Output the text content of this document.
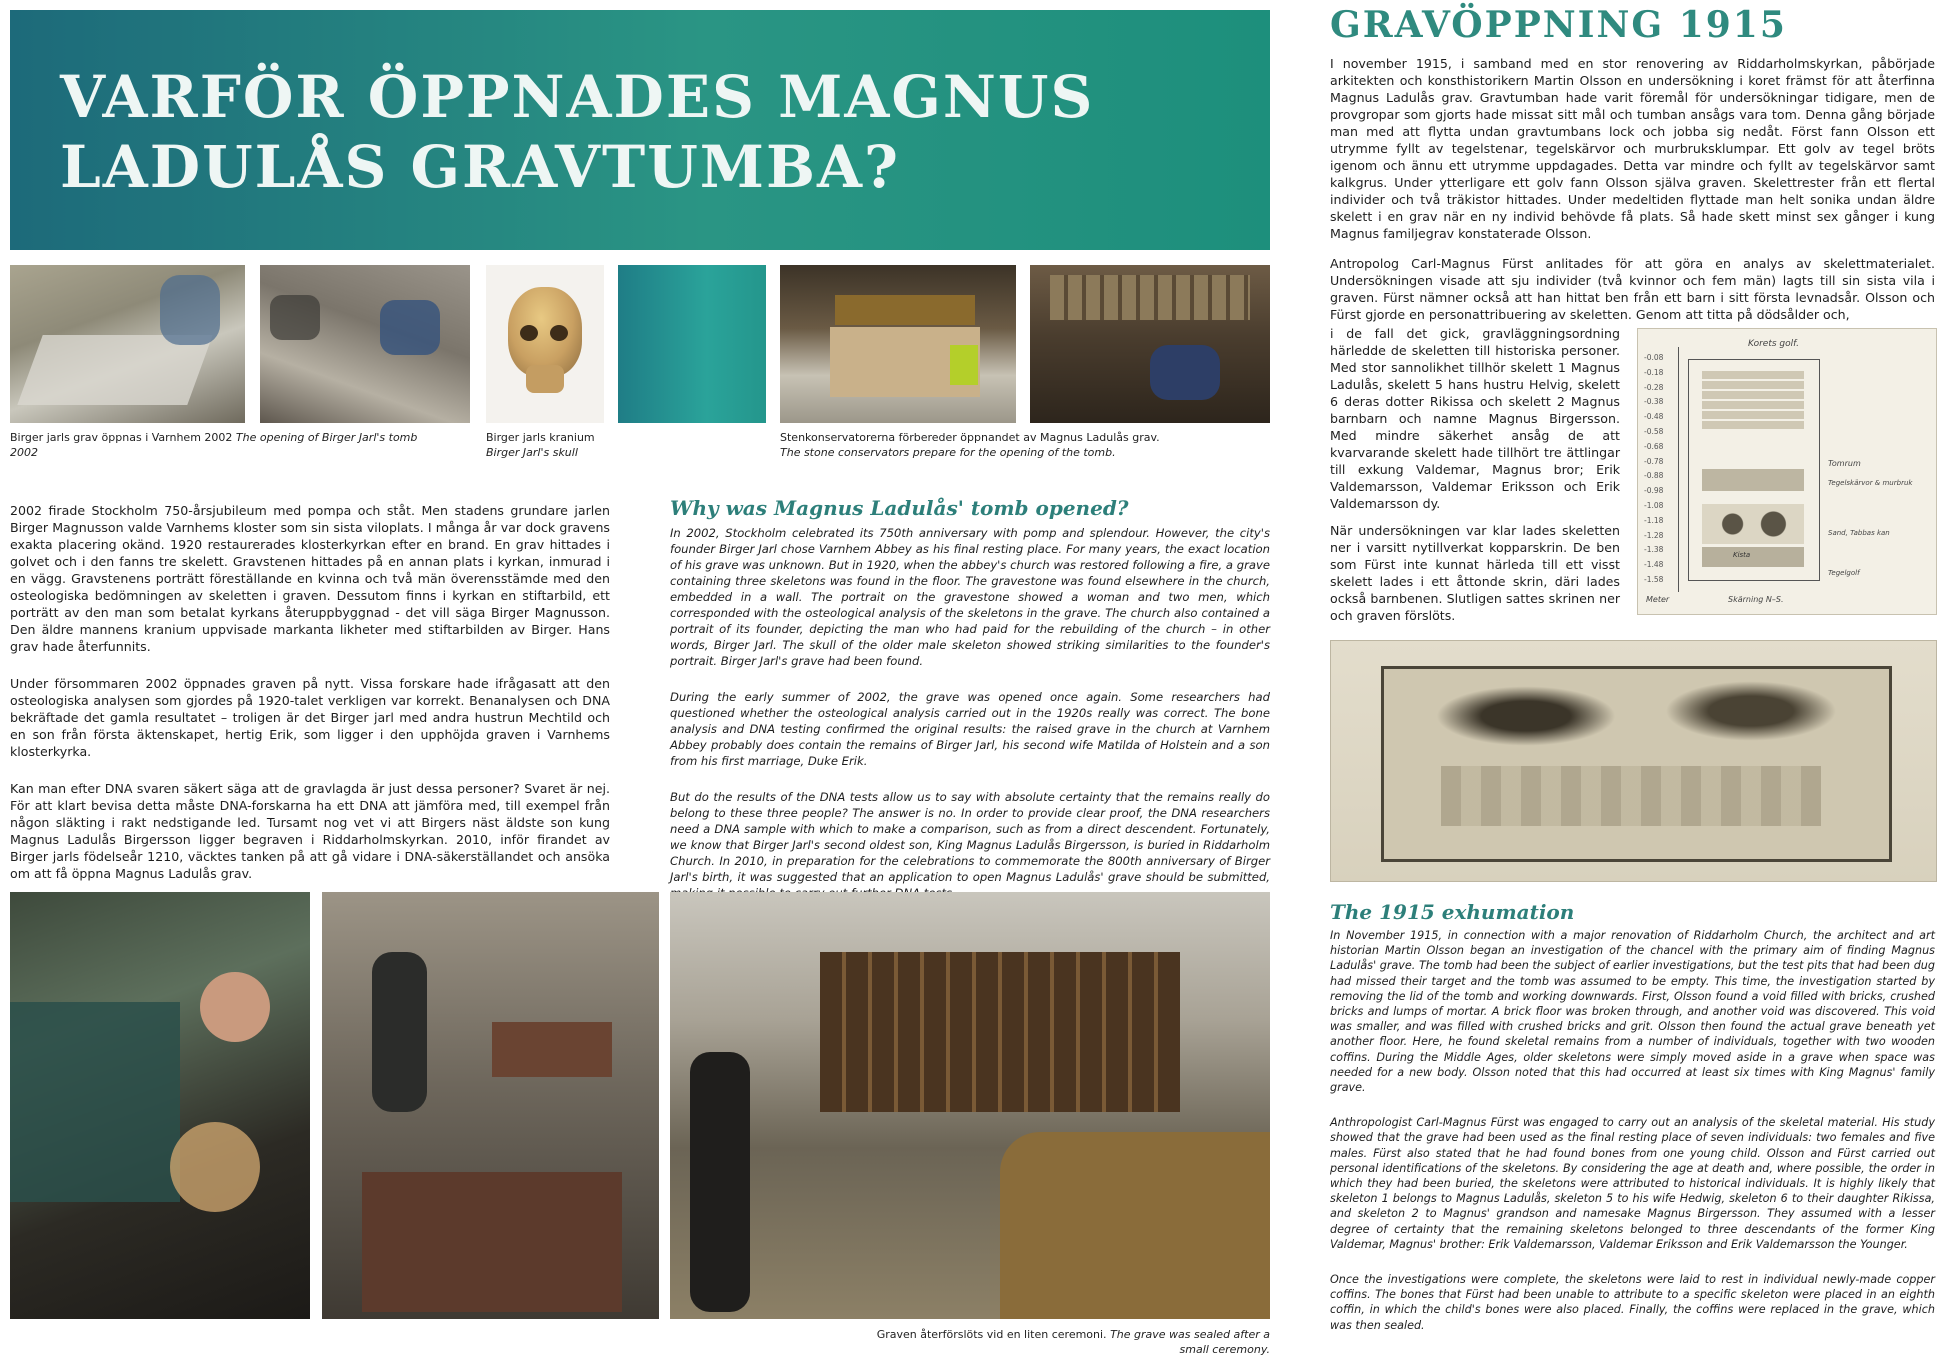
VARFÖR ÖPPNADES MAGNUS
LADULÅS GRAVTUMBA?
Birger jarls grav öppnas i Varnhem 2002 The opening of Birger Jarl's tomb 2002
Birger jarls kranium
Birger Jarl's skull
Stenkonservatorerna förbereder öppnandet av Magnus Ladulås grav.
The stone conservators prepare for the opening of the tomb.

2002 firade Stockholm 750-årsjubileum med pompa och ståt. Men stadens grundare jarlen Birger Magnusson valde Varnhems kloster som sin sista viloplats. I många år var dock gravens exakta placering okänd. 1920 restaurerades klosterkyrkan efter en brand. En grav hittades i golvet och i den fanns tre skelett. Gravstenen hittades på en annan plats i kyrkan, inmurad i en vägg. Gravstenens porträtt föreställande en kvinna och två män överensstämde med den osteologiska bedömningen av skeletten i graven. Dessutom finns i kyrkan en stiftarbild, ett porträtt av den man som betalat kyrkans återuppbyggnad - det vill säga Birger Magnusson. Den äldre mannens kranium uppvisade markanta likheter med stiftarbilden av Birger. Hans grav hade återfunnits.

Under försommaren 2002 öppnades graven på nytt. Vissa forskare hade ifrågasatt att den osteologiska analysen som gjordes på 1920-talet verkligen var korrekt. Benanalysen och DNA bekräftade det gamla resultatet – troligen är det Birger jarl med andra hustrun Mechtild och en son från första äktenskapet, hertig Erik, som ligger i den upphöjda graven i Varnhems klosterkyrka.

Kan man efter DNA svaren säkert säga att de gravlagda är just dessa personer? Svaret är nej. För att klart bevisa detta måste DNA-forskarna ha ett DNA att jämföra med, till exempel från någon släkting i rakt nedstigande led. Tursamt nog vet vi att Birgers näst äldste son kung Magnus Ladulås Birgersson ligger begraven i Riddarholmskyrkan. 2010, inför firandet av Birger jarls födelseår 1210, väcktes tanken på att gå vidare i DNA-säkerställandet och ansöka om att få öppna Magnus Ladulås grav.

Why was Magnus Ladulås' tomb opened?

In 2002, Stockholm celebrated its 750th anniversary with pomp and splendour. However, the city's founder Birger Jarl chose Varnhem Abbey as his final resting place. For many years, the exact location of his grave was unknown. But in 1920, when the abbey's church was restored following a fire, a grave containing three skeletons was found in the floor. The gravestone was found elsewhere in the church, embedded in a wall. The portrait on the gravestone showed a woman and two men, which corresponded with the osteological analysis of the skeletons in the grave. The church also contained a portrait of its founder, depicting the man who had paid for the rebuilding of the church – in other words, Birger Jarl. The skull of the older male skeleton showed striking similarities to the founder's portrait. Birger Jarl's grave had been found.

During the early summer of 2002, the grave was opened once again. Some researchers had questioned whether the osteological analysis carried out in the 1920s really was correct. The bone analysis and DNA testing confirmed the original results: the raised grave in the church at Varnhem Abbey probably does contain the remains of Birger Jarl, his second wife Matilda of Holstein and a son from his first marriage, Duke Erik.

But do the results of the DNA tests allow us to say with absolute certainty that the remains really do belong to these three people? The answer is no. In order to provide clear proof, the DNA researchers need a DNA sample with which to make a comparison, such as from a direct descendent. Fortunately, we know that Birger Jarl's second oldest son, King Magnus Ladulås Birgersson, is buried in Riddarholm Church. In 2010, in preparation for the celebrations to commemorate the 800th anniversary of Birger Jarl's birth, it was suggested that an application to open Magnus Ladulås' grave should be submitted,

Graven återförslöts vid en liten ceremoni. The grave was sealed after a small ceremony.
GRAVÖPPNING 1915
I november 1915, i samband med en stor renovering av Riddarholmskyrkan, påbörjade arkitekten och konsthistorikern Martin Olsson en undersökning i koret främst för att återfinna Magnus Ladulås grav. Gravtumban hade varit föremål för undersökningar tidigare, men de provgropar som gjorts hade missat sitt mål och tumban ansågs vara tom. Denna gång började man med att flytta undan gravtumbans lock och jobba sig nedåt. Först fann Olsson ett utrymme fyllt av tegelstenar, tegelskärvor och murbruksklumpar. Ett golv av tegel bröts igenom och ännu ett utrymme uppdagades. Detta var mindre och fyllt av tegelskärvor samt kalkgrus. Under ytterligare ett golv fann Olsson själva graven. Skelettrester från ett flertal individer och två träkistor hittades. Under medeltiden flyttade man helt sonika undan äldre skelett i en grav när en ny individ behövde få plats. Så hade skett minst sex gånger i kung Magnus familjegrav konstaterade Olsson.
Antropolog Carl-Magnus Fürst anlitades för att göra en analys av skelettmaterialet. Undersökningen visade att sju individer (två kvinnor och fem män) lagts till sin sista vila i graven. Fürst nämner också att han hittat ben från ett barn i sitt första levnadsår. Olsson och Fürst gjorde en personattribuering av skeletten. Genom att titta på dödsålder och,
i de fall det gick, gravläggningsordning härledde de skeletten till historiska personer. Med stor sannolikhet tillhör skelett 1 Magnus Ladulås, skelett 5 hans hustru Helvig, skelett 6 deras dotter Rikissa och skelett 2 Magnus barnbarn och namne Magnus Birgersson. Med mindre säkerhet ansåg de att kvarvarande skelett hade tillhört tre ättlingar till exkung Valdemar, Magnus bror; Erik Valdemarsson, Valdemar Eriksson och Erik Valdemarsson dy.
När undersökningen var klar lades skeletten ner i varsitt nytillverkat kopparskrin. De ben som Fürst inte kunnat härleda till ett visst skelett lades i ett åttonde skrin, däri lades också barnbenen. Slutligen sattes skrinen ner och graven förslöts.
Korets golf.
-0.08
-0.18
-0.28
-0.38
-0.48
-0.58
-0.68
-0.78
-0.88
-0.98
-1.08
-1.18
-1.28
-1.38
-1.48
-1.58
Tomrum
Tegelskärvor & murbruk
Sand, Tabbas kan
Kista
Tegelgolf
Meter	Skärning N–S.
The 1915 exhumation

In November 1915, in connection with a major renovation of Riddarholm Church, the architect and art historian Martin Olsson began an investigation of the chancel with the primary aim of finding Magnus Ladulås' grave. The tomb had been the subject of earlier investigations, but the test pits that had been dug had missed their target and the tomb was assumed to be empty. This time, the investigation started by removing the lid of the tomb and working downwards. First, Olsson found a void filled with bricks, crushed bricks and lumps of mortar. A brick floor was broken through, and another void was discovered. This void was smaller, and was filled with crushed bricks and grit. Olsson then found the actual grave beneath yet another floor. Here, he found skeletal remains from a number of individuals, together with two wooden coffins. During the Middle Ages, older skeletons were simply moved aside in a grave when space was needed for a new body. Olsson noted that this had occurred at least six times with King Magnus' family grave.

Anthropologist Carl-Magnus Fürst was engaged to carry out an analysis of the skeletal material. His study showed that the grave had been used as the final resting place of seven individuals: two females and five males. Fürst also stated that he had found bones from one young child. Olsson and Fürst carried out personal identifications of the skeletons. By considering the age at death and, where possible, the order in which they had been buried, the skeletons were attributed to historical individuals. It is highly likely that skeleton 1 belongs to Magnus Ladulås, skeleton 5 to his wife Hedwig, skeleton 6 to their daughter Rikissa, and skeleton 2 to Magnus' grandson and namesake Magnus Birgersson. They assumed with a lesser degree of certainty that the remaining skeletons belonged to three descendants of the former King Valdemar, Magnus' brother: Erik Valdemarsson, Valdemar Eriksson and Erik Valdemarsson the Younger.

Once the investigations were complete, the skeletons were laid to rest in individual newly-made copper coffins. The bones that Fürst had been unable to attribute to a specific skeleton were placed in an eighth coffin, in which the child's bones were also placed. Finally, the coffins were replaced in the grave, which was then sealed.
